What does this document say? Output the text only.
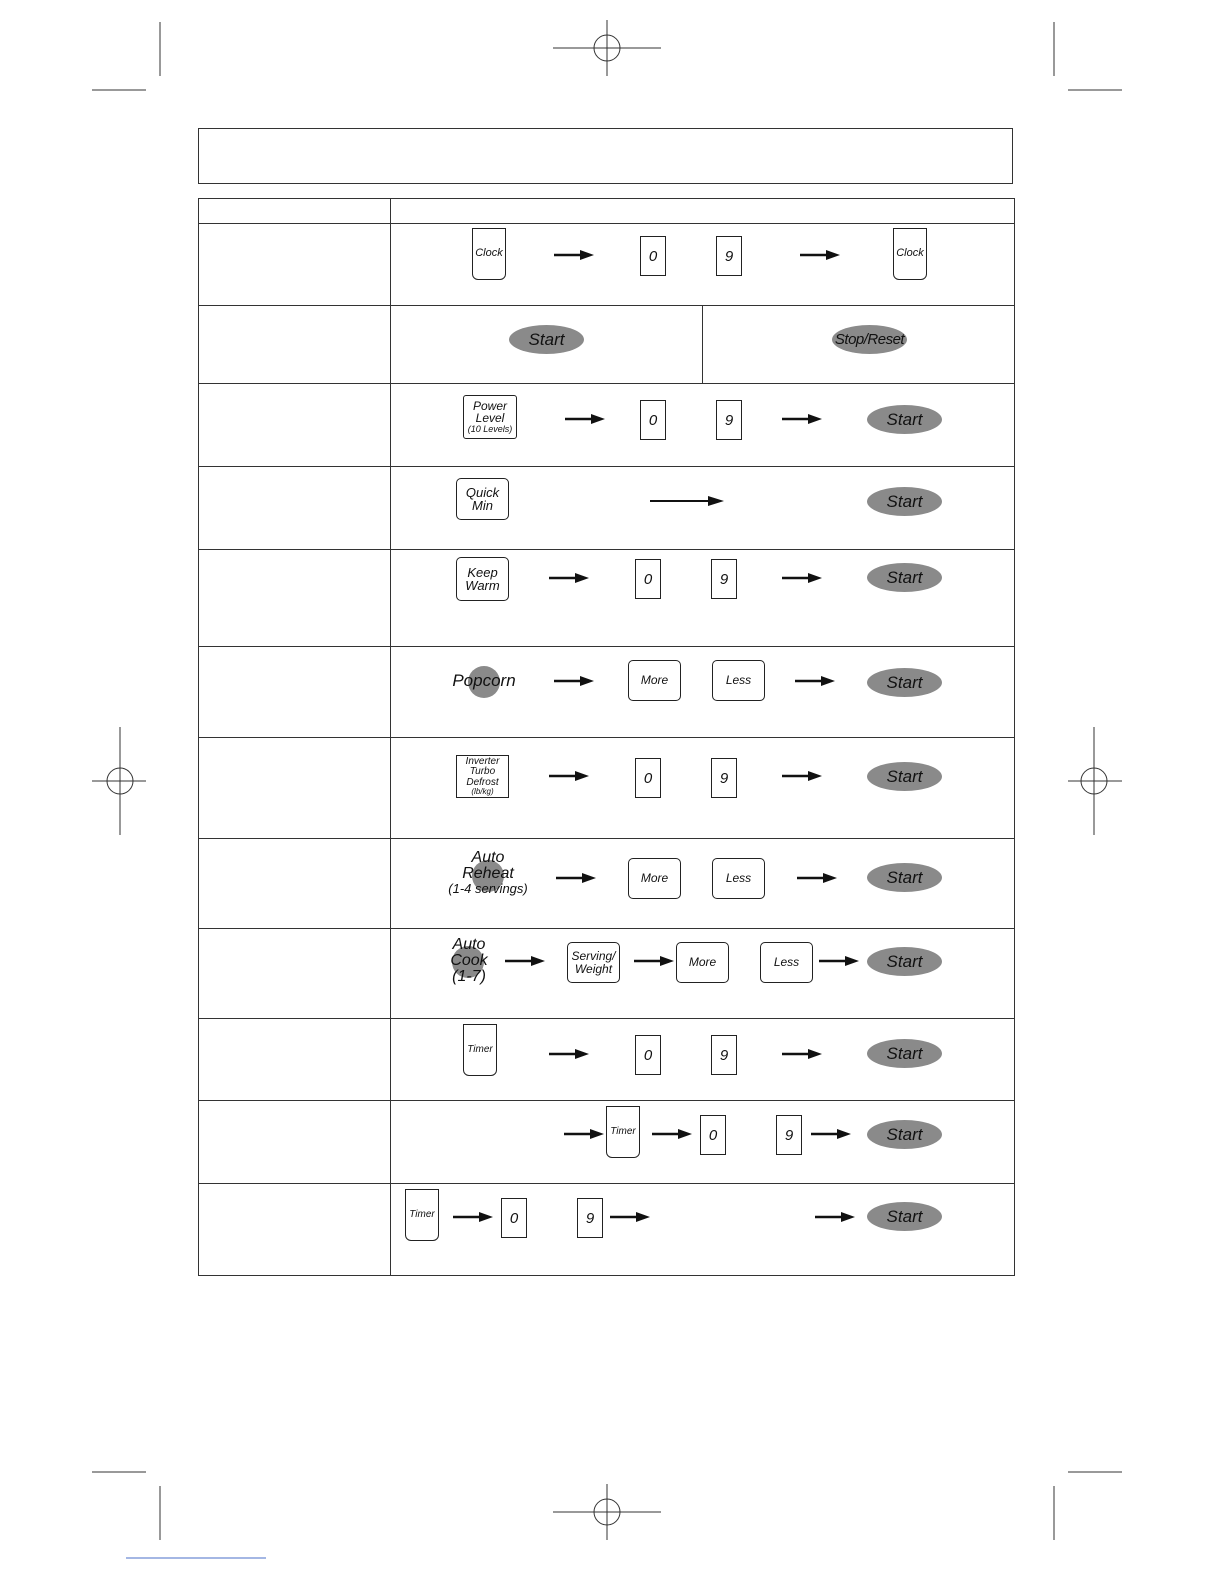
Clock	0	9	Clock
Start	Stop/Reset
Power
Level
(10 Levels)
0	9	Start
Quick
Min	Start
Keep
Warm	0	9	Start
Popcorn	More	Less	Start
Inverter
Turbo
Defrost
(lb/kg)
0	9	Start
Auto
Reheat
(1-4 servings)
More	Less	Start
Auto
Cook
(1-7)
Serving/
Weight	More	Less	Start
Timer	0	9	Start
Timer	0	9	Start
Timer	0	9	Start
